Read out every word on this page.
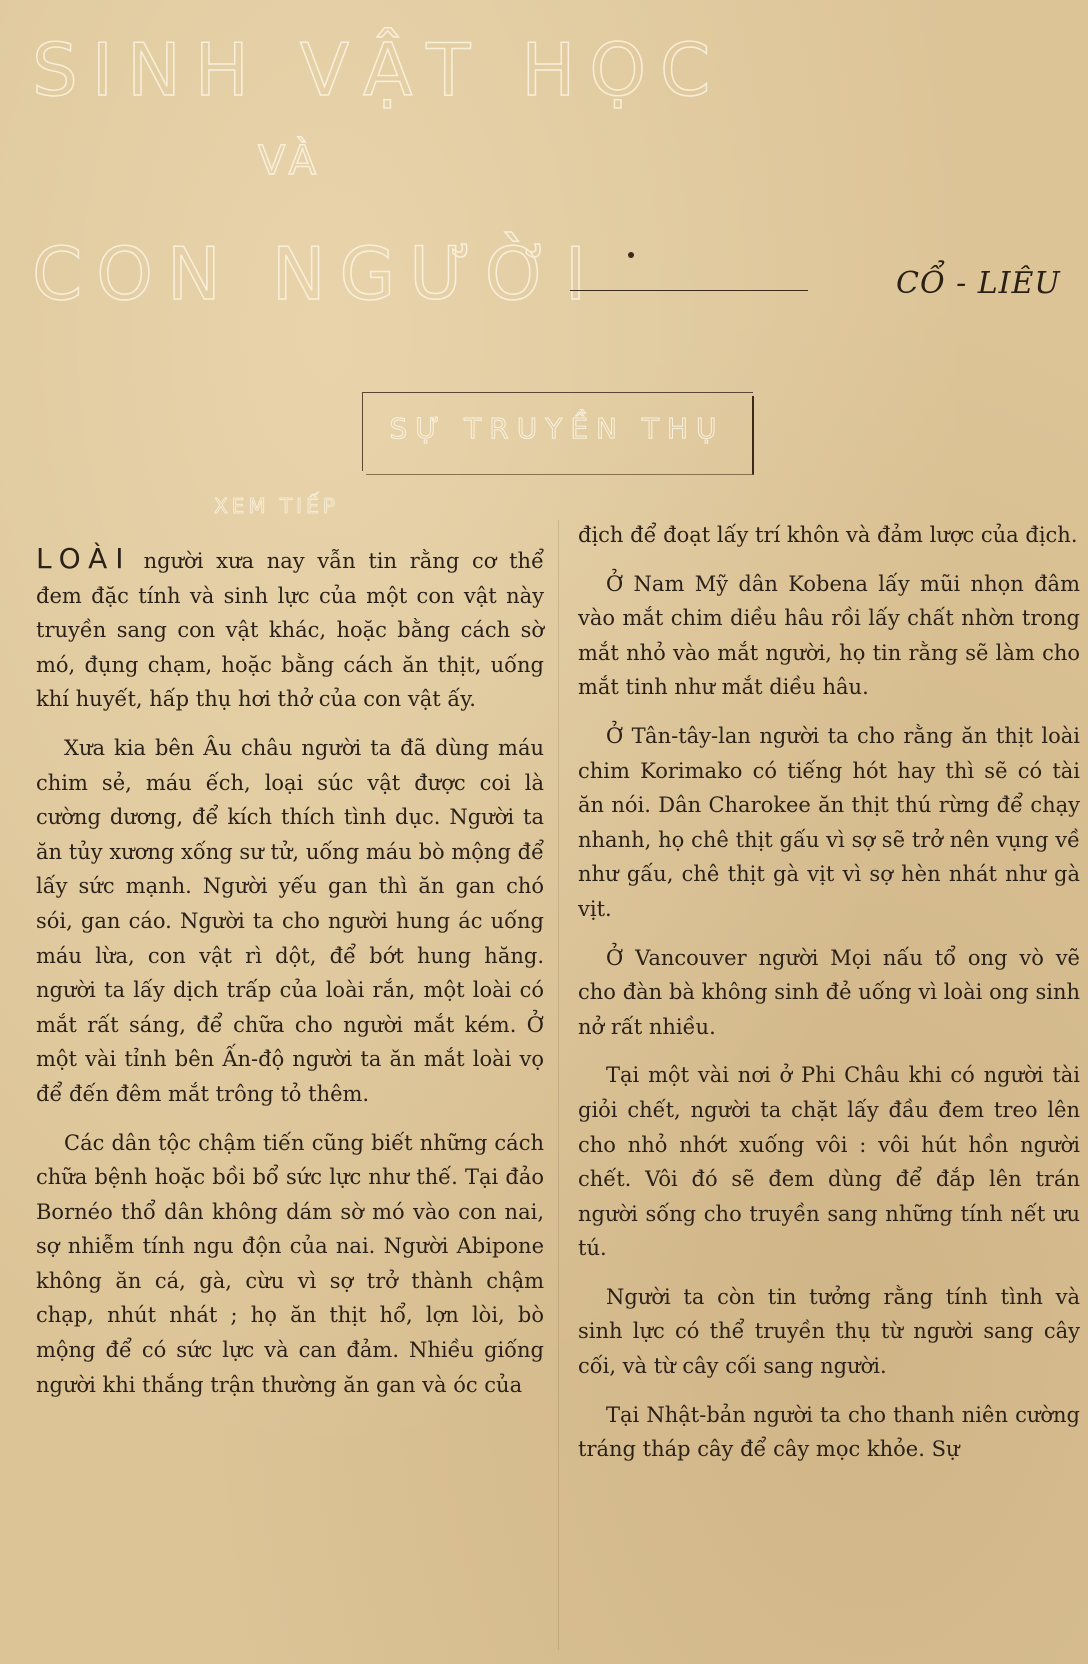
SINH VẬT HỌC
VÀ
CON NGƯỜI	CỔ - LIÊU
SỰ TRUYỀN THỤ
XEM TIẾP

LOÀI người xưa nay vẫn tin rằng cơ thể đem đặc tính và sinh lực của một con vật này truyền sang con vật khác, hoặc bằng cách sờ mó, đụng chạm, hoặc bằng cách ăn thịt, uống khí huyết, hấp thụ hơi thở của con vật ấy.

Xưa kia bên Âu châu người ta đã dùng máu chim sẻ, máu ếch, loại súc vật được coi là cường dương, để kích thích tình dục. Người ta ăn tủy xương xống sư tử, uống máu bò mộng để lấy sức mạnh. Người yếu gan thì ăn gan chó sói, gan cáo. Người ta cho người hung ác uống máu lừa, con vật rì dột, để bớt hung hăng. người ta lấy dịch trấp của loài rắn, một loài có mắt rất sáng, để chữa cho người mắt kém. Ở một vài tỉnh bên Ấn-độ người ta ăn mắt loài vọ để đến đêm mắt trông tỏ thêm.

Các dân tộc chậm tiến cũng biết những cách chữa bệnh hoặc bồi bổ sức lực như thế. Tại đảo Bornéo thổ dân không dám sờ mó vào con nai, sợ nhiễm tính ngu độn của nai. Người Abipone không ăn cá, gà, cừu vì sợ trở thành chậm chạp, nhút nhát ; họ ăn thịt hổ, lợn lòi, bò mộng để có sức lực và can đảm. Nhiều giống người khi thắng trận thường ăn gan và óc của

địch để đoạt lấy trí khôn và đảm lược của địch.

Ở Nam Mỹ dân Kobena lấy mũi nhọn đâm vào mắt chim diều hâu rồi lấy chất nhờn trong mắt nhỏ vào mắt người, họ tin rằng sẽ làm cho mắt tinh như mắt diều hâu.

Ở Tân-tây-lan người ta cho rằng ăn thịt loài chim Korimako có tiếng hót hay thì sẽ có tài ăn nói. Dân Charokee ăn thịt thú rừng để chạy nhanh, họ chê thịt gấu vì sợ sẽ trở nên vụng về như gấu, chê thịt gà vịt vì sợ hèn nhát như gà vịt.

Ở Vancouver người Mọi nấu tổ ong vò vẽ cho đàn bà không sinh đẻ uống vì loài ong sinh nở rất nhiều.

Tại một vài nơi ở Phi Châu khi có người tài giỏi chết, người ta chặt lấy đầu đem treo lên cho nhỏ nhớt xuống vôi : vôi hút hồn người chết. Vôi đó sẽ đem dùng để đắp lên trán người sống cho truyền sang những tính nết ưu tú.

Người ta còn tin tưởng rằng tính tình và sinh lực có thể truyền thụ từ người sang cây cối, và từ cây cối sang người.

Tại Nhật-bản người ta cho thanh niên cường tráng tháp cây để cây mọc khỏe. Sự
